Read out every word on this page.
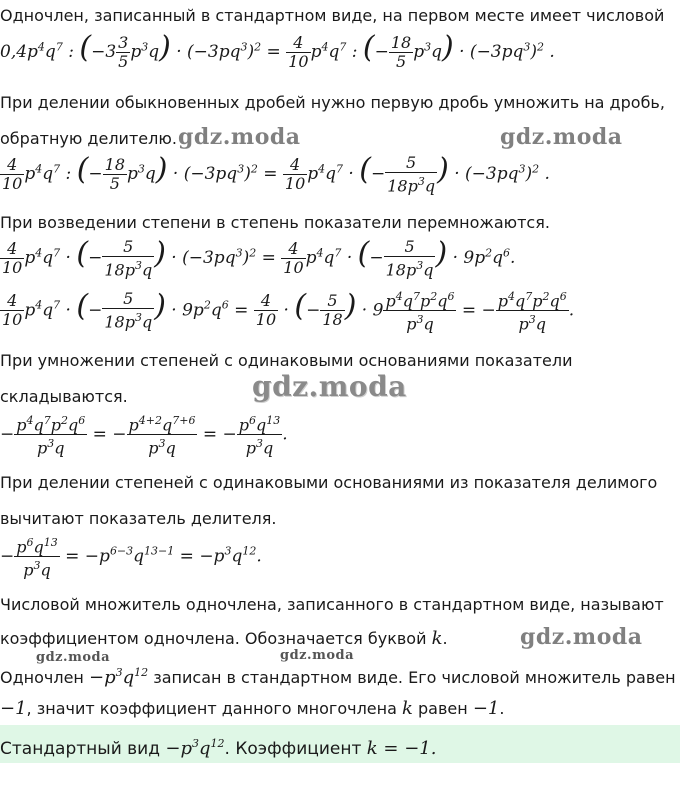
Одночлен, записанный в стандартном виде, на первом месте имеет числовой
$0,4p^4q^7$ : $(-3 \frac{3}{5} p^3q) \cdot (-3pq^3)^2 = \frac{4}{10} p^4q^7$ : (− $\frac{18}{5} p^3q) \cdot (-3pq^3)^2$ .
При делении обыкновенных дробей нужно первую дробь умножить на дробь,
обратную делителю.
$\frac{4}{10} p^4q^7$ : (− $\frac{18}{5} p^3q) \cdot (-3pq^3)^2 = \frac{4}{10} p^4q^7$ · (− $\frac{5}{18p^3q}$ ) · $(-3pq^3)^2$ .
При возведении степени в степень показатели перемножаются.
$\frac{4}{10} p^4q^7$ · (− $\frac{5}{18p^3q}$ ) · $(-3pq^3)^2 = \frac{4}{10} p^4q^7$ · (− $\frac{5}{18p^3q}$ ) · $9p^2q^6$.
$\frac{4}{10} p^4q^7$ · (− $\frac{5}{18p^3q}$ ) · $9p^2q^6 = \frac{4}{10}$ · (− $\frac{5}{18}$ ) · $9 \frac{p^4q^7p^2q^6}{p^3q}$ = − $\frac{p^4q^7p^2q^6}{p^3q}$ .
При умножении степеней с одинаковыми основаниями показатели
складываются.
− $\frac{p^4q^7p^2q^6}{p^3q}$ = − $\frac{p^{4+2}q^{7+6}}{p^3q}$ = − $\frac{p^6q^{13}}{p^3q}$ .
При делении степеней с одинаковыми основаниями из показателя делимого
вычитают показатель делителя.
− $\frac{p^6q^{13}}{p^3q} = -p^{6-3}q^{13-1} = -p^3q^{12}$.
Числовой множитель одночлена, записанного в стандартном виде, называют
коэффициентом одночлена. Обозначается буквой k.
Одночлен $-p^3q^{12}$ записан в стандартном виде. Его числовой множитель равен
−1, значит коэффициент данного многочлена k равен −1.
Стандартный вид $-p^3q^{12}$. Коэффициент k = −1.
gdz.moda	gdz.moda
gdz.moda
gdz.moda
gdz.moda	gdz.moda
